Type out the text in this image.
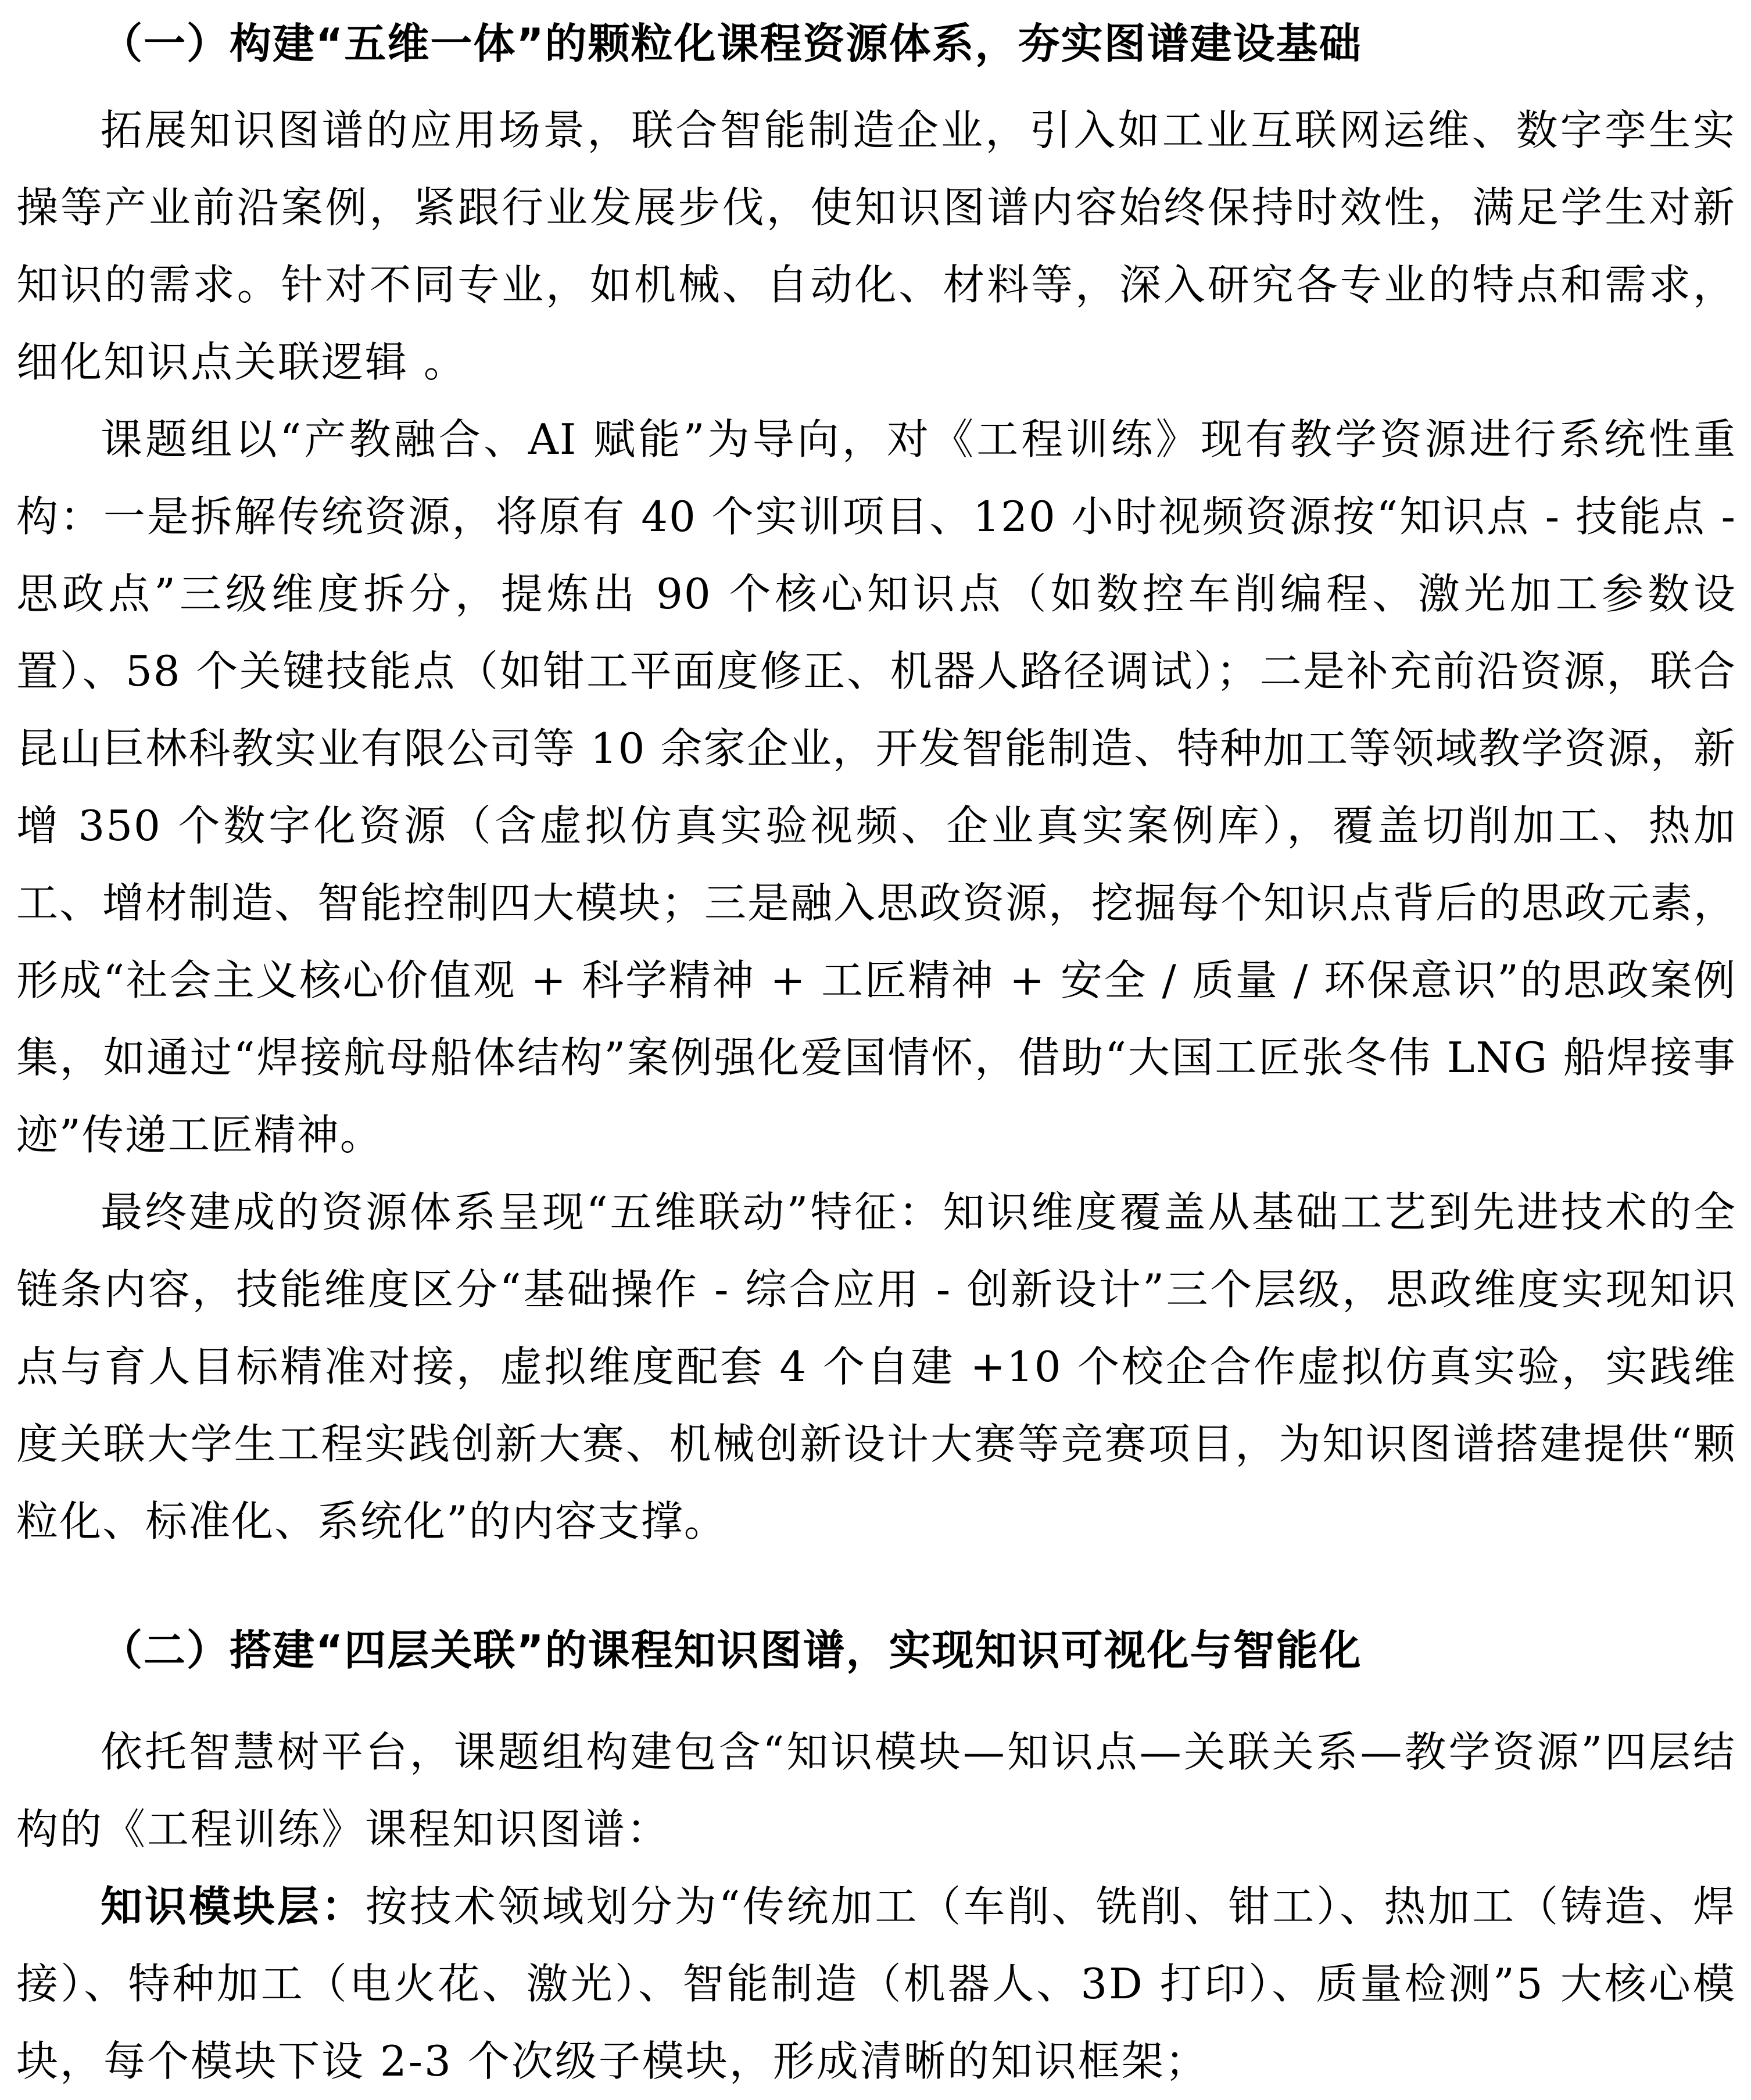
（一）构建“五维一体”的颗粒化课程资源体系，夯实图谱建设基础
拓展知识图谱的应用场景，联合智能制造企业，引入如工业互联网运维、数字孪生实操等产业前沿案例，紧跟行业发展步伐，使知识图谱内容始终保持时效性，满足学生对新知识的需求。针对不同专业，如机械、自动化、材料等，深入研究各专业的特点和需求，细化知识点关联逻辑 。
课题组以“产教融合、AI 赋能”为导向，对《工程训练》现有教学资源进行系统性重构：一是拆解传统资源，将原有 40 个实训项目、120 小时视频资源按“知识点 - 技能点 - 思政点”三级维度拆分，提炼出 90 个核心知识点（如数控车削编程、激光加工参数设置）、58 个关键技能点（如钳工平面度修正、机器人路径调试）；二是补充前沿资源，联合昆山巨林科教实业有限公司等 10 余家企业，开发智能制造、特种加工等领域教学资源，新增 350 个数字化资源（含虚拟仿真实验视频、企业真实案例库），覆盖切削加工、热加工、增材制造、智能控制四大模块；三是融入思政资源，挖掘每个知识点背后的思政元素，形成“社会主义核心价值观 + 科学精神 + 工匠精神 + 安全 / 质量 / 环保意识”的思政案例集，如通过“焊接航母船体结构”案例强化爱国情怀，借助“大国工匠张冬伟 LNG 船焊接事迹”传递工匠精神。
最终建成的资源体系呈现“五维联动”特征：知识维度覆盖从基础工艺到先进技术的全链条内容，技能维度区分“基础操作 - 综合应用 - 创新设计”三个层级，思政维度实现知识点与育人目标精准对接，虚拟维度配套 4 个自建 +10 个校企合作虚拟仿真实验，实践维度关联大学生工程实践创新大赛、机械创新设计大赛等竞赛项目，为知识图谱搭建提供“颗粒化、标准化、系统化”的内容支撑。
（二）搭建“四层关联”的课程知识图谱，实现知识可视化与智能化
依托智慧树平台，课题组构建包含“知识模块—知识点—关联关系—教学资源”四层结构的《工程训练》课程知识图谱：
知识模块层：按技术领域划分为“传统加工（车削、铣削、钳工）、热加工（铸造、焊接）、特种加工（电火花、激光）、智能制造（机器人、3D 打印）、质量检测”5 大核心模块，每个模块下设 2-3 个次级子模块，形成清晰的知识框架；
